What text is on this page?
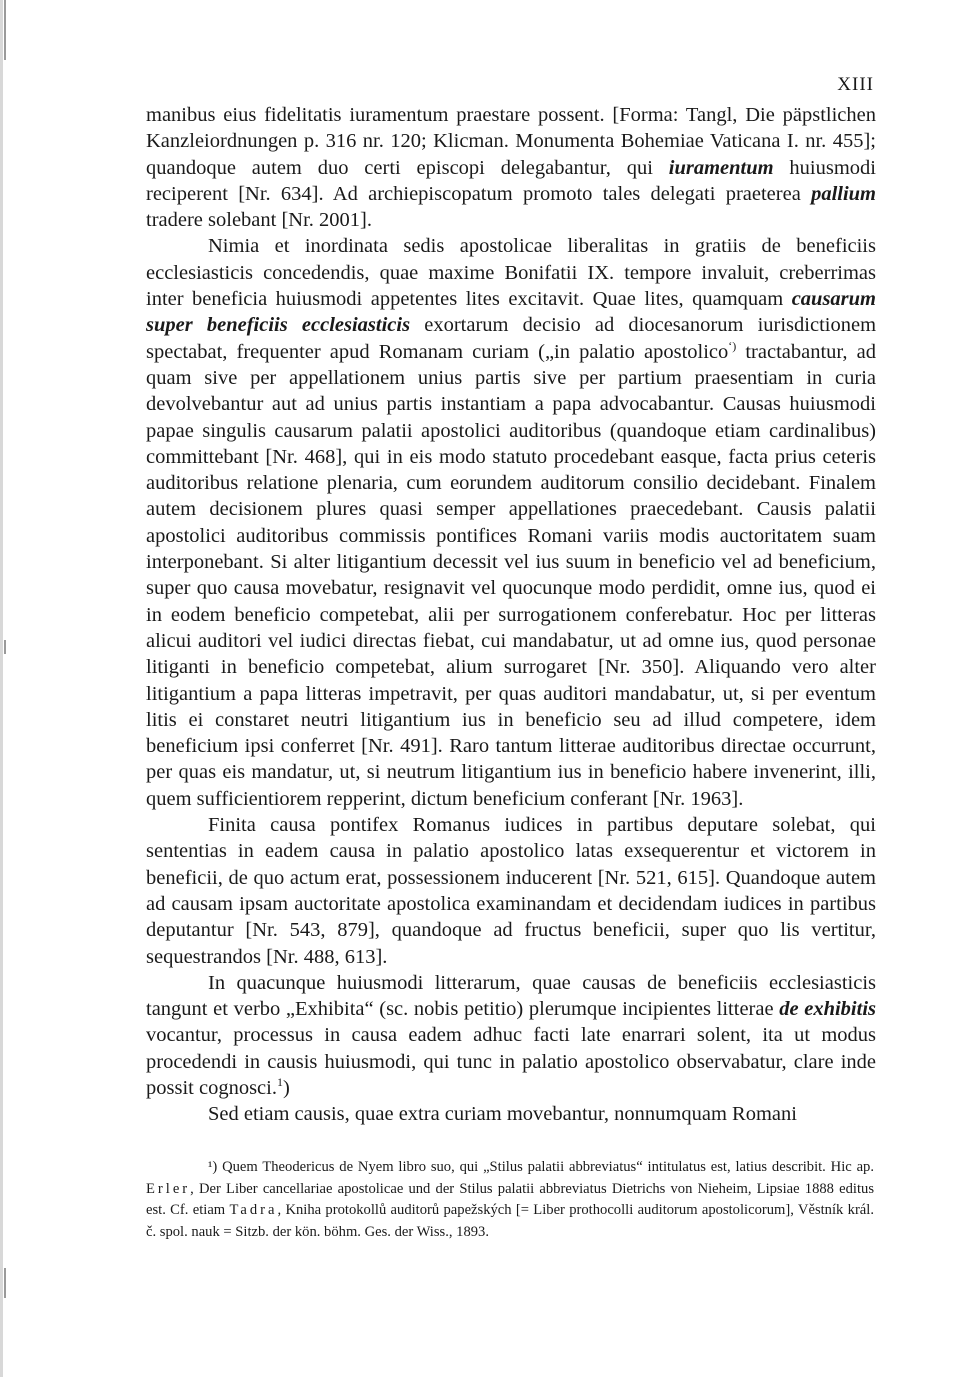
XIII

manibus eius fidelitatis iuramentum praestare possent. [Forma: Tangl, Die päpstlichen Kanzleiordnungen p. 316 nr. 120; Klicman. Monumenta Bohemiae Vaticana I. nr. 455]; quandoque autem duo certi episcopi delegabantur, qui iuramentum huiusmodi reciperent [Nr. 634]. Ad archiepiscopatum promoto tales delegati praeterea pallium tradere solebant [Nr. 2001].

Nimia et inordinata sedis apostolicae liberalitas in gratiis de beneficiis ecclesiasticis concedendis, quae maxime Bonifatii IX. tempore invaluit, creberrimas inter beneficia huiusmodi appetentes lites excitavit. Quae lites, quamquam causarum super beneficiis ecclesiasticis exortarum decisio ad diocesanorum iurisdictionem spectabat, frequenter apud Romanam curiam („in palatio apostolico‘) tractabantur, ad quam sive per appellationem unius partis sive per partium praesentiam in curia devolvebantur aut ad unius partis instantiam a papa advocabantur. Causas huiusmodi papae singulis causarum palatii apostolici auditoribus (quandoque etiam cardinalibus) committebant [Nr. 468], qui in eis modo statuto procedebant easque, facta prius ceteris auditoribus relatione plenaria, cum eorundem auditorum consilio decidebant. Finalem autem decisionem plures quasi semper appellationes praecedebant. Causis palatii apostolici auditoribus commissis pontifices Romani variis modis auctoritatem suam interponebant. Si alter litigantium decessit vel ius suum in beneficio vel ad beneficium, super quo causa movebatur, resignavit vel quocunque modo perdidit, omne ius, quod ei in eodem beneficio competebat, alii per surrogationem conferebatur. Hoc per litteras alicui auditori vel iudici directas fiebat, cui mandabatur, ut ad omne ius, quod personae litiganti in beneficio competebat, alium surrogaret [Nr. 350]. Aliquando vero alter litigantium a papa litteras impetravit, per quas auditori mandabatur, ut, si per eventum litis ei constaret neutri litigantium ius in beneficio seu ad illud competere, idem beneficium ipsi conferret [Nr. 491]. Raro tantum litterae auditoribus directae occurrunt, per quas eis mandatur, ut, si neutrum litigantium ius in beneficio habere invenerint, illi, quem sufficientiorem repperint, dictum beneficium conferant [Nr. 1963].

Finita causa pontifex Romanus iudices in partibus deputare solebat, qui sententias in eadem causa in palatio apostolico latas exsequerentur et victorem in beneficii, de quo actum erat, possessionem inducerent [Nr. 521, 615]. Quandoque autem ad causam ipsam auctoritate apostolica examinandam et decidendam iudices in partibus deputantur [Nr. 543, 879], quandoque ad fructus beneficii, super quo lis vertitur, sequestrandos [Nr. 488, 613].

In quacunque huiusmodi litterarum, quae causas de beneficiis ecclesiasticis tangunt et verbo „Exhibita“ (sc. nobis petitio) plerumque incipientes litterae de exhibitis vocantur, processus in causa eadem adhuc facti late enarrari solent, ita ut modus procedendi in causis huiusmodi, qui tunc in palatio apostolico observabatur, clare inde possit cognosci.$^1$)

Sed etiam causis, quae extra curiam movebantur, nonnumquam Romani

¹) Quem Theodericus de Nyem libro suo, qui „Stilus palatii abbreviatus“ intitulatus est, latius describit. Hic ap. Erler, Der Liber cancellariae apostolicae und der Stilus palatii abbreviatus Dietrichs von Nieheim, Lipsiae 1888 editus est. Cf. etiam Tadra, Kniha protokollů auditorů papežských [= Liber prothocolli auditorum apostolicorum], Věstník král. č. spol. nauk = Sitzb. der kön. böhm. Ges. der Wiss., 1893.
